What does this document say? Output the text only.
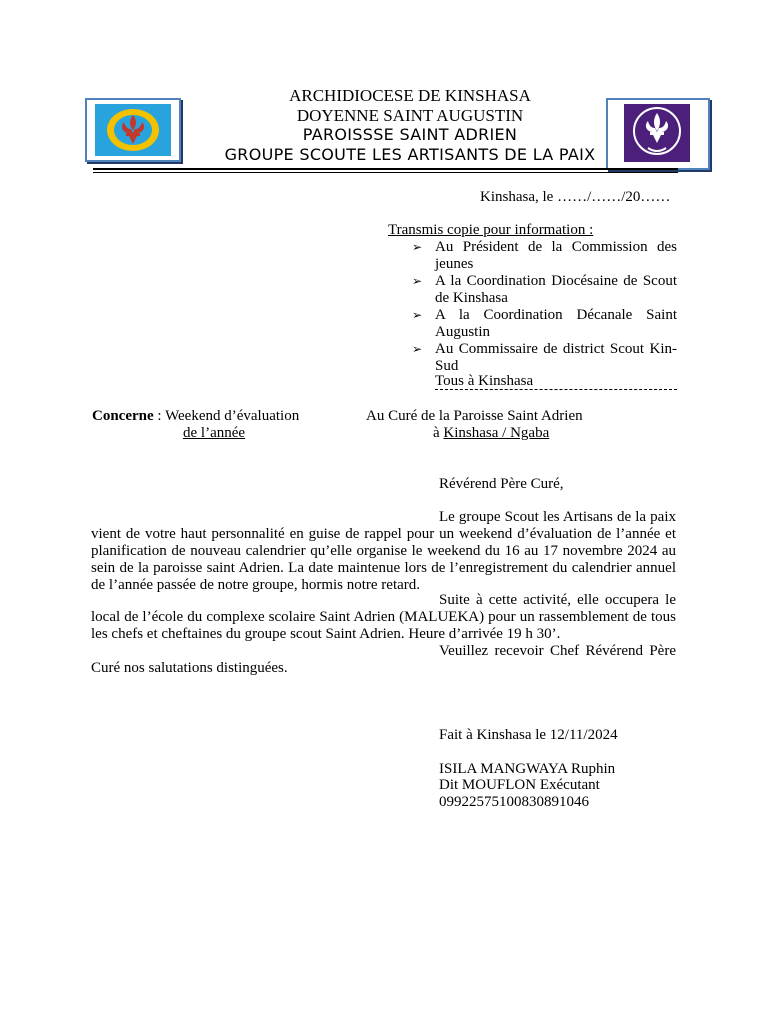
ARCHIDIOCESE DE KINSHASA
DOYENNE SAINT AUGUSTIN
PAROISSSE SAINT ADRIEN
GROUPE SCOUTE LES ARTISANTS DE LA PAIX
Kinshasa, le ……/……/20……
Transmis copie pour information :
➢ Au Président de la Commission des jeunes
➢ A la Coordination Diocésaine de Scout de Kinshasa
➢ A la Coordination Décanale Saint Augustin
➢ Au Commissaire de district Scout Kin-Sud
Tous à Kinshasa
Concerne : Weekend d’évaluation
de l’année
Au Curé de la Paroisse Saint Adrien
à Kinshasa / Ngaba
Révérend Père Curé,
Le groupe Scout les Artisans de la paix vient de votre haut personnalité en guise de rappel pour un weekend d’évaluation de l’année et planification de nouveau calendrier qu’elle organise le weekend du 16 au 17 novembre 2024 au sein de la paroisse saint Adrien. La date maintenue lors de l’enregistrement du calendrier annuel de l’année passée de notre groupe, hormis notre retard.
Suite à cette activité, elle occupera le local de l’école du complexe scolaire Saint Adrien (MALUEKA) pour un rassemblement de tous les chefs et cheftaines du groupe scout Saint Adrien. Heure d’arrivée 19 h 30’.
Veuillez recevoir Chef Révérend Père Curé nos salutations distinguées.
Fait à Kinshasa le 12/11/2024
ISILA MANGWAYA Ruphin
Dit MOUFLON Exécutant
09922575100830891046
